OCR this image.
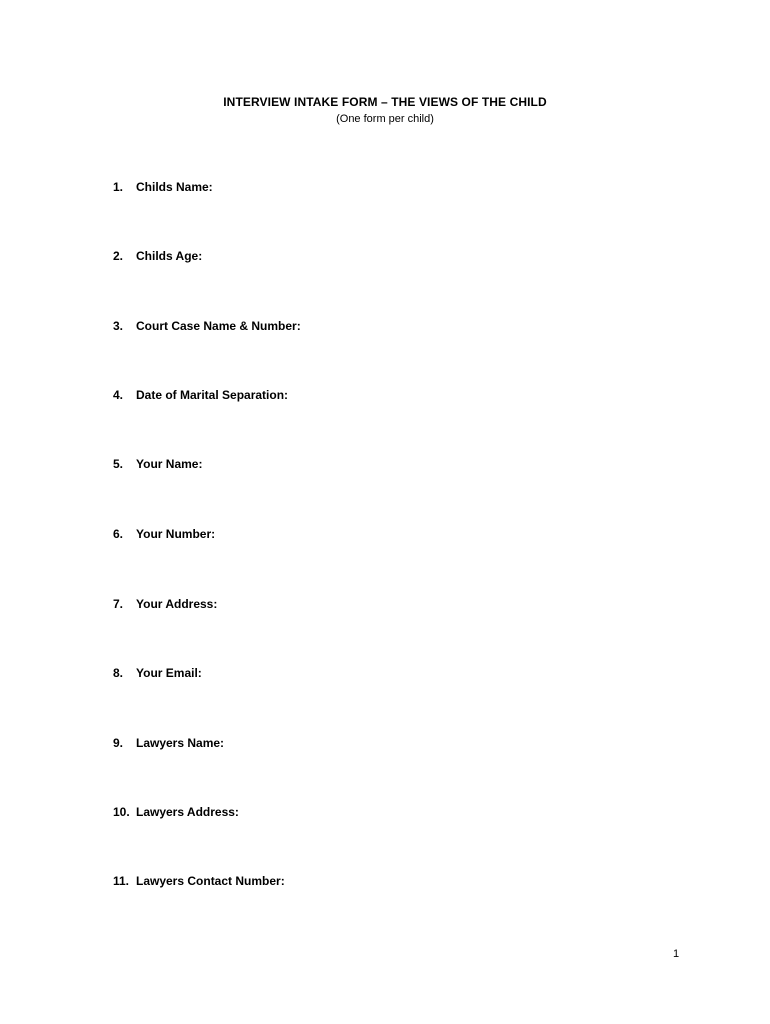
INTERVIEW INTAKE FORM – THE VIEWS OF THE CHILD
(One form per child)
1. Childs Name:
2. Childs Age:
3. Court Case Name & Number:
4. Date of Marital Separation:
5. Your Name:
6. Your Number:
7. Your Address:
8. Your Email:
9. Lawyers Name:
10. Lawyers Address:
11. Lawyers Contact Number:
1
